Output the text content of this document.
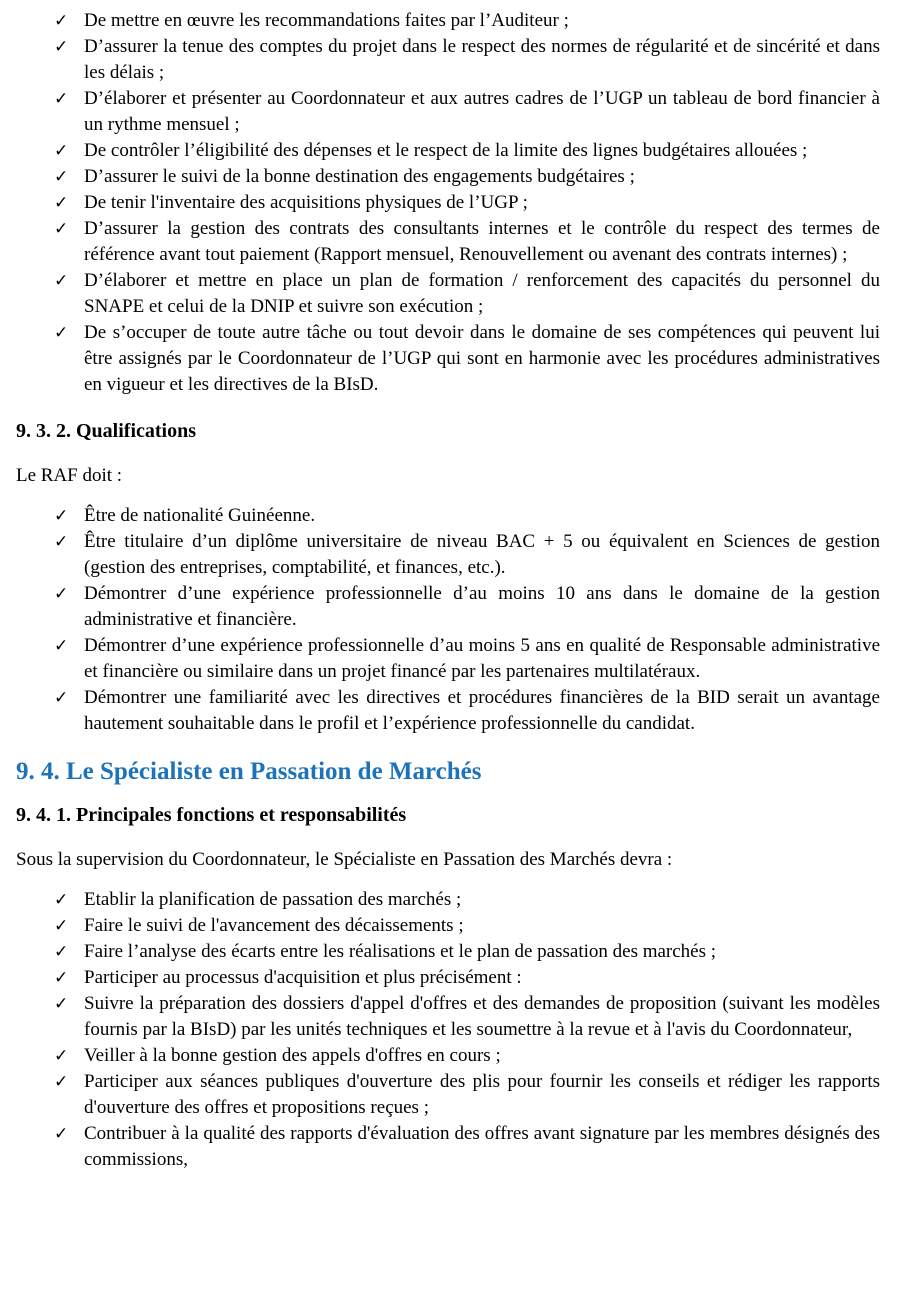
✓ De mettre en œuvre les recommandations faites par l’Auditeur ;
✓ D’assurer la tenue des comptes du projet dans le respect des normes de régularité et de sincérité et dans les délais ;
✓ D’élaborer et présenter au Coordonnateur et aux autres cadres de l’UGP un tableau de bord financier à un rythme mensuel ;
✓ De contrôler l’éligibilité des dépenses et le respect de la limite des lignes budgétaires allouées ;
✓ D’assurer le suivi de la bonne destination des engagements budgétaires ;
✓ De tenir l'inventaire des acquisitions physiques de l’UGP ;
✓ D’assurer la gestion des contrats des consultants internes et le contrôle du respect des termes de référence avant tout paiement (Rapport mensuel, Renouvellement ou avenant des contrats internes) ;
✓ D’élaborer et mettre en place un plan de formation / renforcement des capacités du personnel du SNAPE et celui de la DNIP et suivre son exécution ;
✓ De s’occuper de toute autre tâche ou tout devoir dans le domaine de ses compétences qui peuvent lui être assignés par le Coordonnateur de l’UGP qui sont en harmonie avec les procédures administratives en vigueur et les directives de la BIsD.
9. 3. 2. Qualifications

Le RAF doit :

✓ Être de nationalité Guinéenne.
✓ Être titulaire d’un diplôme universitaire de niveau BAC + 5 ou équivalent en Sciences de gestion (gestion des entreprises, comptabilité, et finances, etc.).
✓ Démontrer d’une expérience professionnelle d’au moins 10 ans dans le domaine de la gestion administrative et financière.
✓ Démontrer d’une expérience professionnelle d’au moins 5 ans en qualité de Responsable administrative et financière ou similaire dans un projet financé par les partenaires multilatéraux.
✓ Démontrer une familiarité avec les directives et procédures financières de la BID serait un avantage hautement souhaitable dans le profil et l’expérience professionnelle du candidat.
9. 4. Le Spécialiste en Passation de Marchés
9. 4. 1. Principales fonctions et responsabilités

Sous la supervision du Coordonnateur, le Spécialiste en Passation des Marchés devra :

✓ Etablir la planification de passation des marchés ;
✓ Faire le suivi de l'avancement des décaissements ;
✓ Faire l’analyse des écarts entre les réalisations et le plan de passation des marchés ;
✓ Participer au processus d'acquisition et plus précisément :
✓ Suivre la préparation des dossiers d'appel d'offres et des demandes de proposition (suivant les modèles fournis par la BIsD) par les unités techniques et les soumettre à la revue et à l'avis du Coordonnateur,
✓ Veiller à la bonne gestion des appels d'offres en cours ;
✓ Participer aux séances publiques d'ouverture des plis pour fournir les conseils et rédiger les rapports d'ouverture des offres et propositions reçues ;
✓ Contribuer à la qualité des rapports d'évaluation des offres avant signature par les membres désignés des commissions,
